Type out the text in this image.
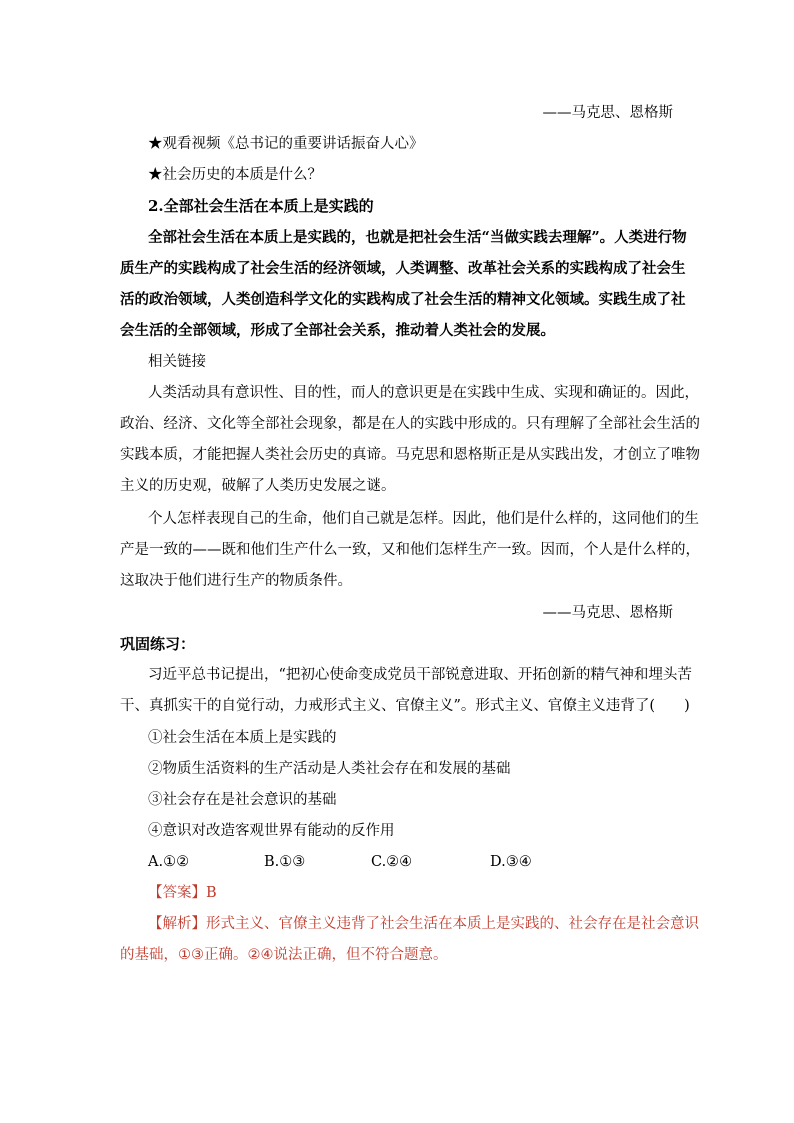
——马克思、恩格斯
★观看视频《总书记的重要讲话振奋人心》
★社会历史的本质是什么？
2.全部社会生活在本质上是实践的
全部社会生活在本质上是实践的，也就是把社会生活“当做实践去理解”。人类进行物
质生产的实践构成了社会生活的经济领域，人类调整、改革社会关系的实践构成了社会生
活的政治领域，人类创造科学文化的实践构成了社会生活的精神文化领域。实践生成了社
会生活的全部领域，形成了全部社会关系，推动着人类社会的发展。
相关链接
人类活动具有意识性、目的性，而人的意识更是在实践中生成、实现和确证的。因此，
政治、经济、文化等全部社会现象，都是在人的实践中形成的。只有理解了全部社会生活的
实践本质，才能把握人类社会历史的真谛。马克思和恩格斯正是从实践出发，才创立了唯物
主义的历史观，破解了人类历史发展之谜。
个人怎样表现自己的生命，他们自己就是怎样。因此，他们是什么样的，这同他们的生
产是一致的——既和他们生产什么一致，又和他们怎样生产一致。因而，个人是什么样的，
这取决于他们进行生产的物质条件。
——马克思、恩格斯
巩固练习：
习近平总书记提出，“把初心使命变成党员干部锐意进取、开拓创新的精气神和埋头苦
干、真抓实干的自觉行动，力戒形式主义、官僚主义”。形式主义、官僚主义违背了(　　)
①社会生活在本质上是实践的
②物质生活资料的生产活动是人类社会存在和发展的基础
③社会存在是社会意识的基础
④意识对改造客观世界有能动的反作用
A.①②	B.①③	C.②④	D.③④
【答案】B
【解析】形式主义、官僚主义违背了社会生活在本质上是实践的、社会存在是社会意识
的基础，①③正确。②④说法正确，但不符合题意。
